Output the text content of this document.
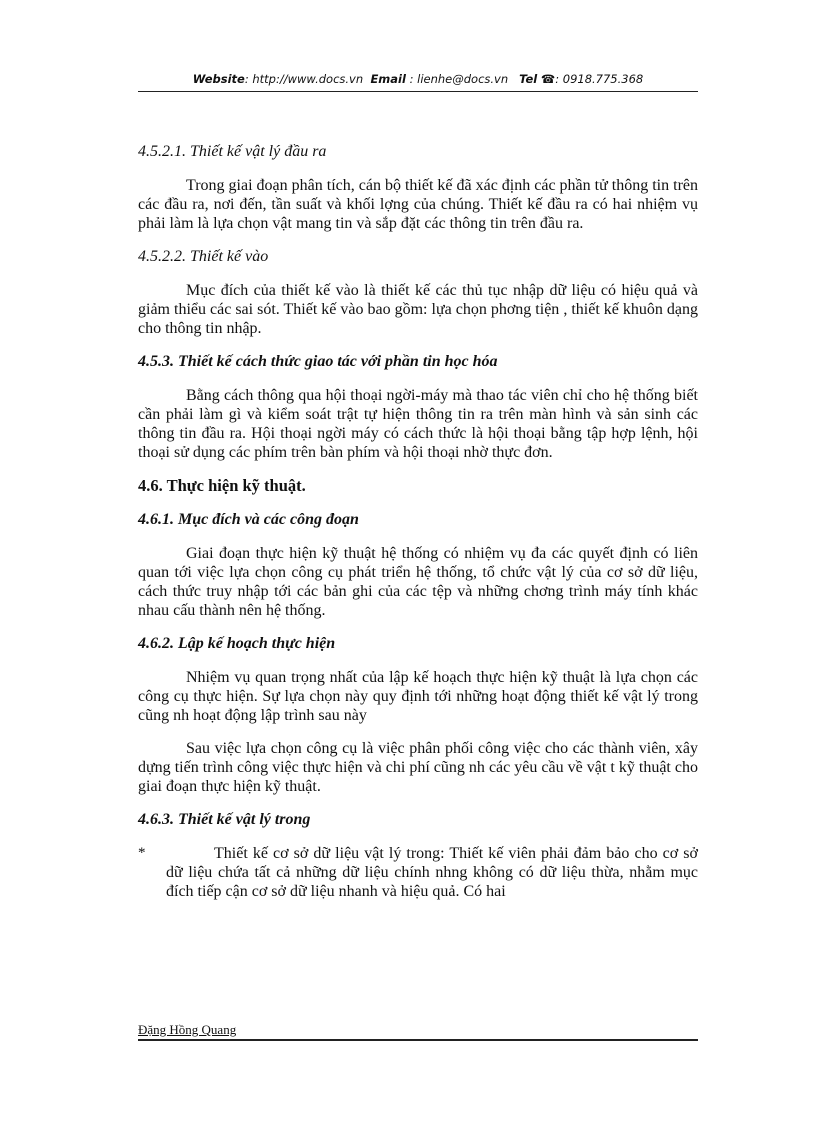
Website: http://www.docs.vn Email : lienhe@docs.vn Tel ☎: 0918.775.368
4.5.2.1. Thiết kế vật lý đầu ra

Trong giai đoạn phân tích, cán bộ thiết kế đã xác định các phần tử thông tin trên các đầu ra, nơi đến, tần suất và khối lợng của chúng. Thiết kế đầu ra có hai nhiệm vụ phải làm là lựa chọn vật mang tin và sắp đặt các thông tin trên đầu ra.

4.5.2.2. Thiết kế vào

Mục đích của thiết kế vào là thiết kế các thủ tục nhập dữ liệu có hiệu quả và giảm thiểu các sai sót. Thiết kế vào bao gồm: lựa chọn phơng tiện , thiết kế khuôn dạng cho thông tin nhập.

4.5.3. Thiết kế cách thức giao tác với phần tin học hóa

Bằng cách thông qua hội thoại ngời-máy mà thao tác viên chỉ cho hệ thống biết cần phải làm gì và kiểm soát trật tự hiện thông tin ra trên màn hình và sản sinh các thông tin đầu ra. Hội thoại ngời máy có cách thức là hội thoại bằng tập hợp lệnh, hội thoại sử dụng các phím trên bàn phím và hội thoại nhờ thực đơn.

4.6. Thực hiện kỹ thuật.
4.6.1. Mục đích và các công đoạn

Giai đoạn thực hiện kỹ thuật hệ thống có nhiệm vụ đa các quyết định có liên quan tới việc lựa chọn công cụ phát triển hệ thống, tổ chức vật lý của cơ sở dữ liệu, cách thức truy nhập tới các bản ghi của các tệp và những chơng trình máy tính khác nhau cấu thành nên hệ thống.

4.6.2. Lập kế hoạch thực hiện

Nhiệm vụ quan trọng nhất của lập kế hoạch thực hiện kỹ thuật là lựa chọn các công cụ thực hiện. Sự lựa chọn này quy định tới những hoạt động thiết kế vật lý trong cũng nh hoạt động lập trình sau này

Sau việc lựa chọn công cụ là việc phân phối công việc cho các thành viên, xây dựng tiến trình công việc thực hiện và chi phí cũng nh các yêu cầu về vật t kỹ thuật cho giai đoạn thực hiện kỹ thuật.

4.6.3. Thiết kế vật lý trong
*	Thiết kế cơ sở dữ liệu vật lý trong: Thiết kế viên phải đảm bảo cho cơ sở dữ liệu chứa tất cả những dữ liệu chính nhng không có dữ liệu thừa, nhằm mục đích tiếp cận cơ sở dữ liệu nhanh và hiệu quả. Có hai

Đặng Hồng Quang
